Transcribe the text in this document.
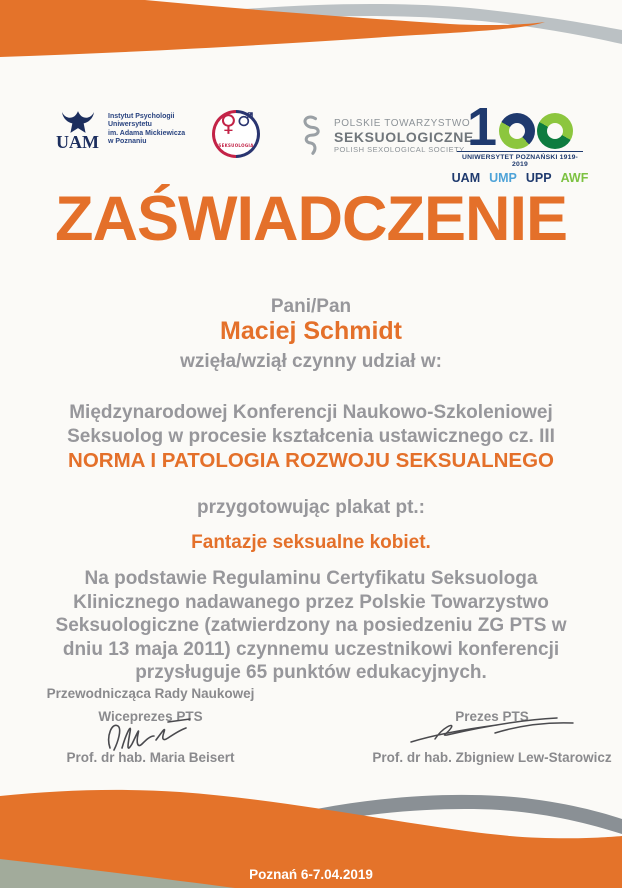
UAM
Instytut Psychologii
Uniwersytetu
im. Adama Mickiewicza
w Poznaniu
♀ ♂
SEKSUOLOGIA
POLSKIE TOWARZYSTWO
SEKSUOLOGICZNE
POLISH SEXOLOGICAL SOCIETY 1
UNIWERSYTET POZNAŃSKI 1919-2019
UAM UMP UPP AWF
ZAŚWIADCZENIE
Pani/Pan
Maciej Schmidt
wzięła/wziął czynny udział w:
Międzynarodowej Konferencji Naukowo-Szkoleniowej
Seksuolog w procesie kształcenia ustawicznego cz. III
NORMA I PATOLOGIA ROZWOJU SEKSUALNEGO
przygotowując plakat pt.:
Fantazje seksualne kobiet.
Na podstawie Regulaminu Certyfikatu Seksuologa Klinicznego nadawanego przez Polskie Towarzystwo Seksuologiczne (zatwierdzony na posiedzeniu ZG PTS w dniu 13 maja 2011) czynnemu uczestnikowi konferencji przysługuje 65 punktów edukacyjnych.
Przewodnicząca Rady Naukowej
Wiceprezes PTS
Prof. dr hab. Maria Beisert
Prezes PTS
Prof. dr hab. Zbigniew Lew-Starowicz
Poznań 6-7.04.2019
